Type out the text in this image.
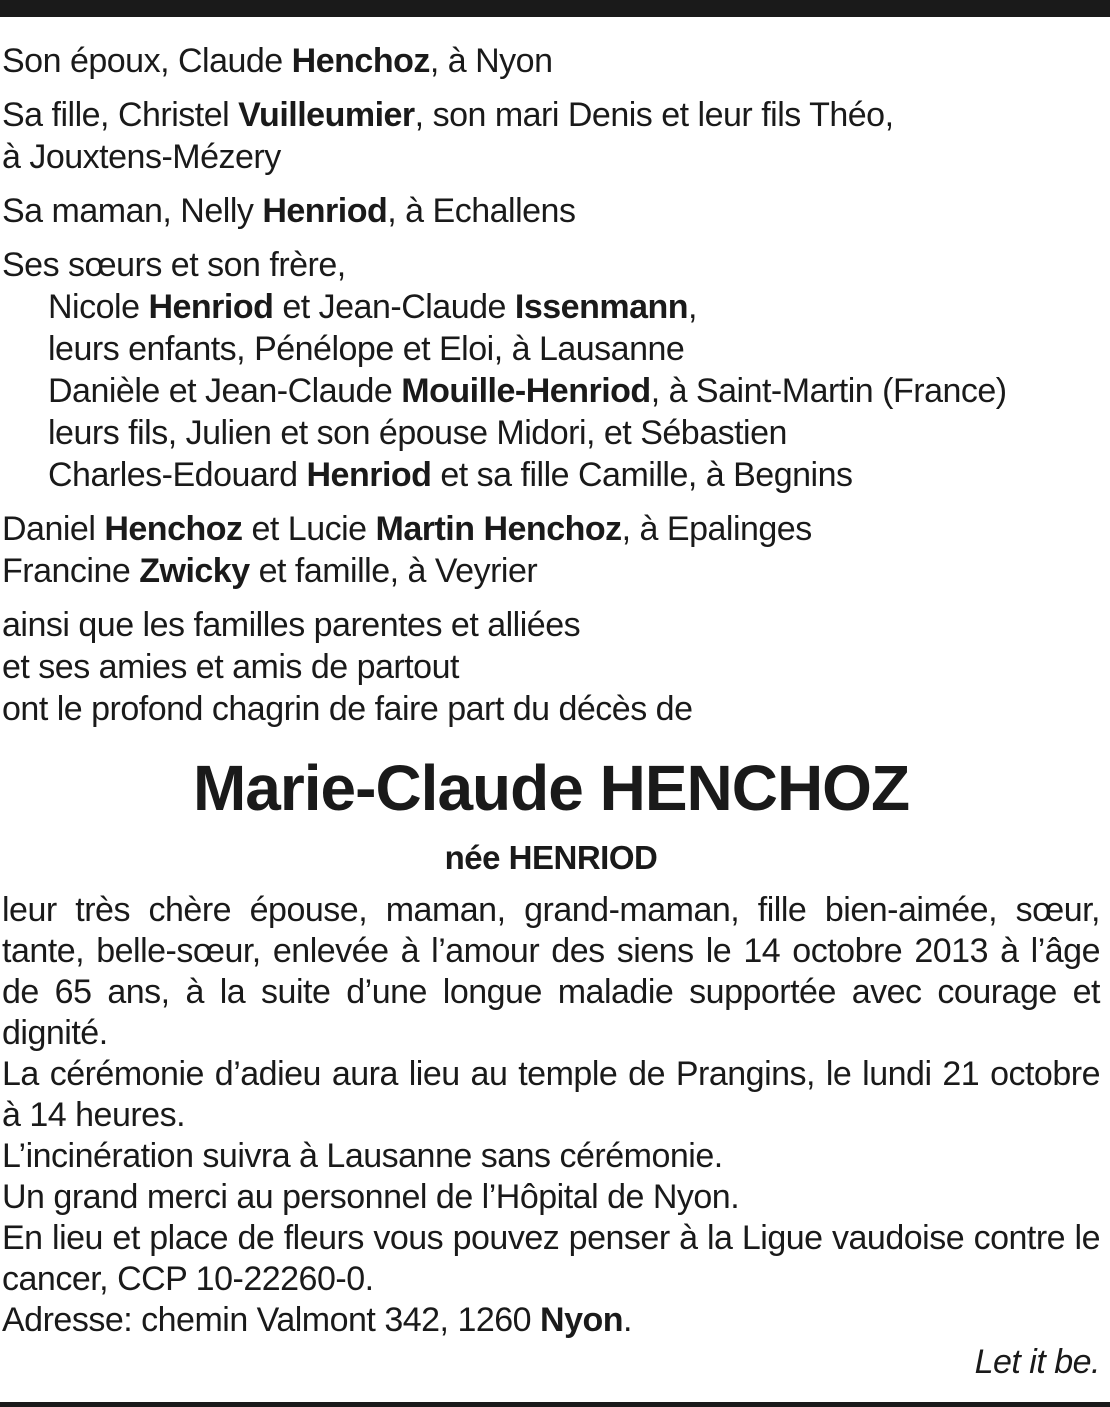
Son époux, Claude Henchoz, à Nyon
Sa fille, Christel Vuilleumier, son mari Denis et leur fils Théo,
à Jouxtens-Mézery
Sa maman, Nelly Henriod, à Echallens
Ses sœurs et son frère,
Nicole Henriod et Jean-Claude Issenmann,
leurs enfants, Pénélope et Eloi, à Lausanne
Danièle et Jean-Claude Mouille-Henriod, à Saint-Martin (France)
leurs fils, Julien et son épouse Midori, et Sébastien
Charles-Edouard Henriod et sa fille Camille, à Begnins
Daniel Henchoz et Lucie Martin Henchoz, à Epalinges
Francine Zwicky et famille, à Veyrier
ainsi que les familles parentes et alliées
et ses amies et amis de partout
ont le profond chagrin de faire part du décès de
Marie-Claude HENCHOZ
née HENRIOD
leur très chère épouse, maman, grand-maman, fille bien-aimée, sœur, tante, belle-sœur, enlevée à l’amour des siens le 14 octobre 2013 à l’âge de 65 ans, à la suite d’une longue maladie supportée avec courage et dignité.
La cérémonie d’adieu aura lieu au temple de Prangins, le lundi 21 octobre à 14 heures.
L’incinération suivra à Lausanne sans cérémonie.
Un grand merci au personnel de l’Hôpital de Nyon.
En lieu et place de fleurs vous pouvez penser à la Ligue vaudoise contre le cancer, CCP 10-22260-0.
Adresse: chemin Valmont 342, 1260 Nyon.
Let it be.
